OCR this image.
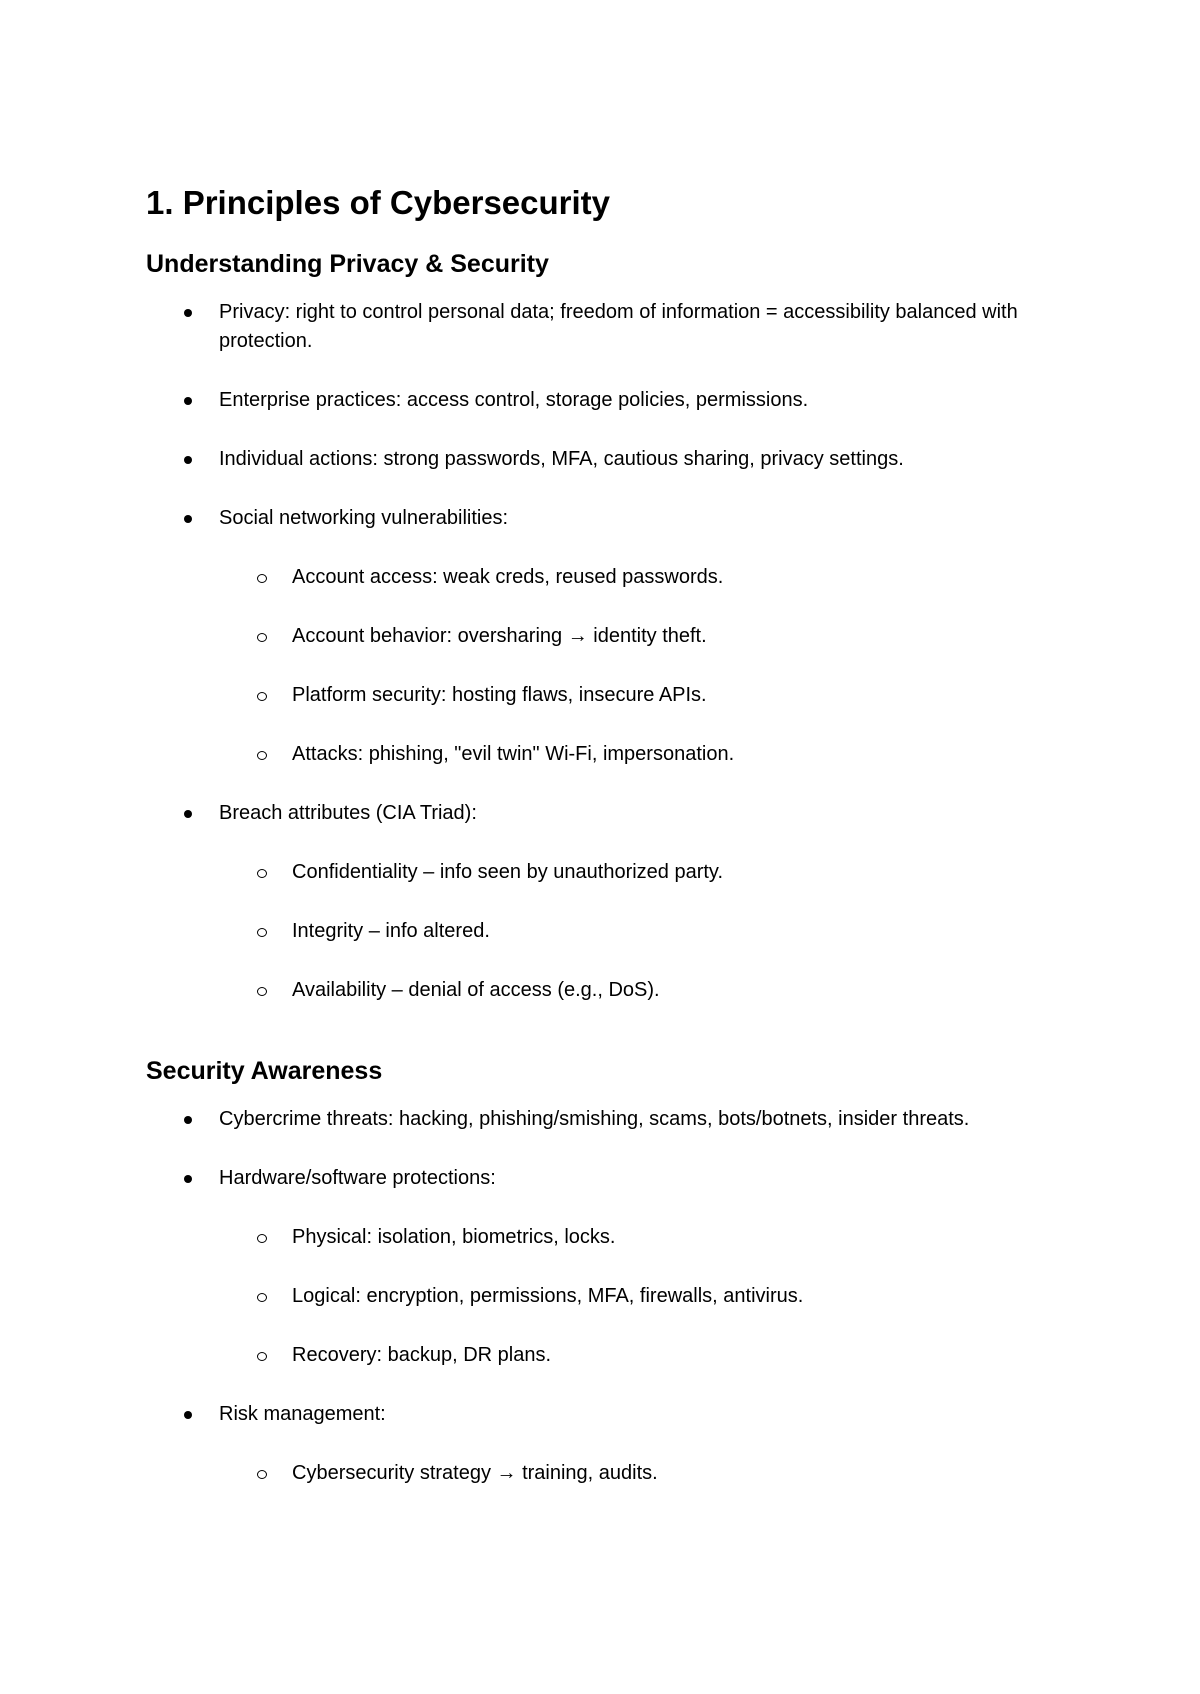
1. Principles of Cybersecurity
Understanding Privacy & Security
Privacy: right to control personal data; freedom of information = accessibility balanced with protection.
Enterprise practices: access control, storage policies, permissions.
Individual actions: strong passwords, MFA, cautious sharing, privacy settings.
Social networking vulnerabilities:
Account access: weak creds, reused passwords.
Account behavior: oversharing → identity theft.
Platform security: hosting flaws, insecure APIs.
Attacks: phishing, "evil twin" Wi-Fi, impersonation.
Breach attributes (CIA Triad):
Confidentiality – info seen by unauthorized party.
Integrity – info altered.
Availability – denial of access (e.g., DoS).
Security Awareness
Cybercrime threats: hacking, phishing/smishing, scams, bots/botnets, insider threats.
Hardware/software protections:
Physical: isolation, biometrics, locks.
Logical: encryption, permissions, MFA, firewalls, antivirus.
Recovery: backup, DR plans.
Risk management:
Cybersecurity strategy → training, audits.
